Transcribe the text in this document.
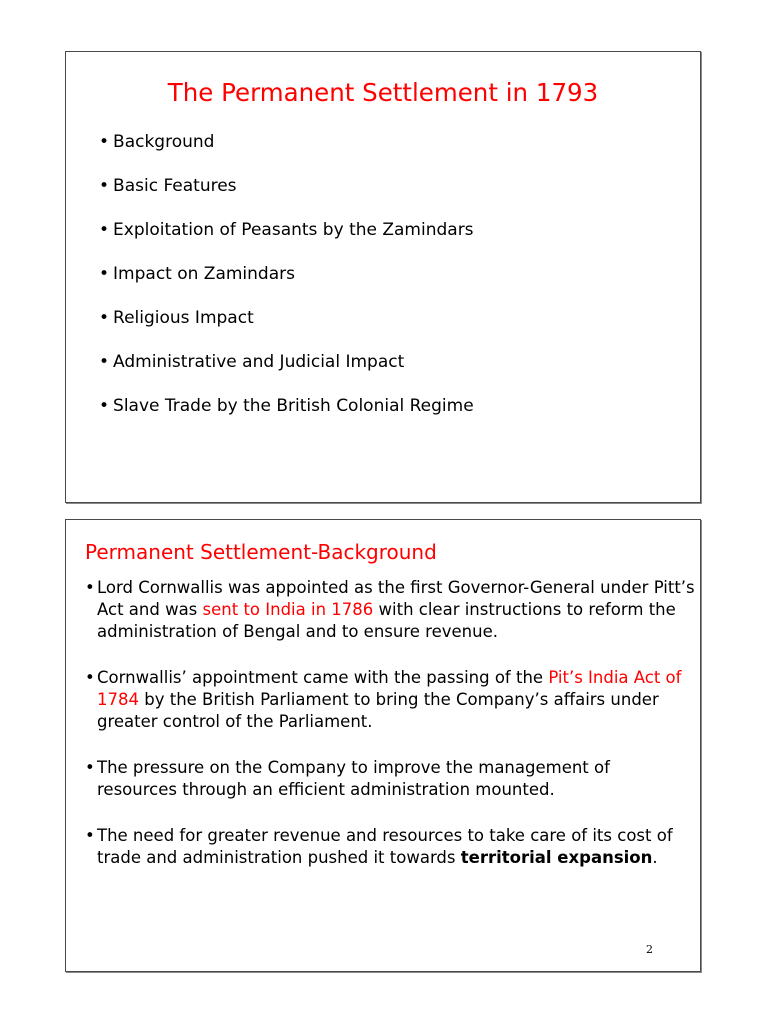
The Permanent Settlement in 1793
• Background
• Basic Features
• Exploitation of Peasants by the Zamindars
• Impact on Zamindars
• Religious Impact
• Administrative and Judicial Impact
• Slave Trade by the British Colonial Regime
Permanent Settlement-Background
• Lord Cornwallis was appointed as the first Governor-General under Pitt’s Act and was sent to India in 1786 with clear instructions to reform the administration of Bengal and to ensure revenue.
• Cornwallis’ appointment came with the passing of the Pit’s India Act of 1784 by the British Parliament to bring the Company’s affairs under greater control of the Parliament.
• The pressure on the Company to improve the management of resources through an efficient administration mounted.
• The need for greater revenue and resources to take care of its cost of trade and administration pushed it towards territorial expansion.
2
